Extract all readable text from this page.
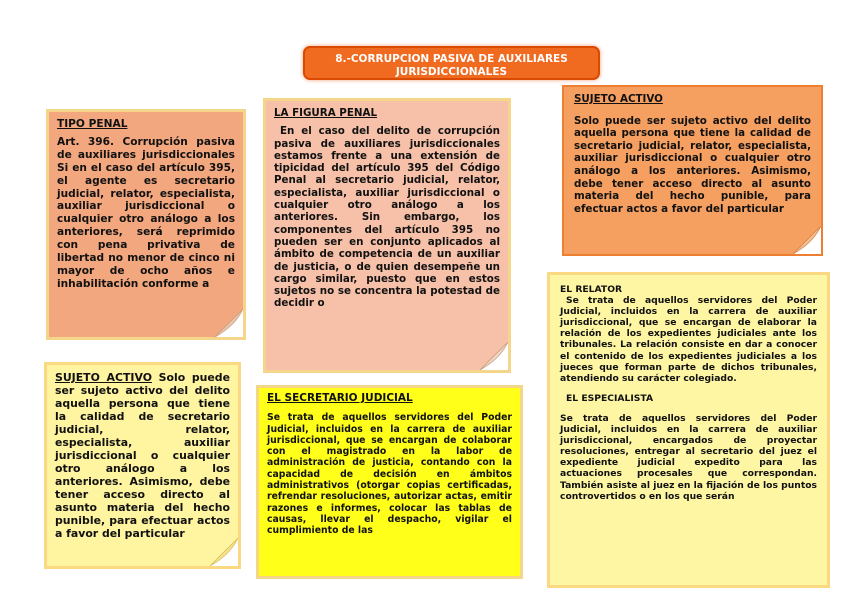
8.-CORRUPCION PASIVA DE AUXILIARES JURISDICCIONALES
TIPO PENAL

Art. 396. Corrupción pasiva de auxiliares jurisdiccionales Si en el caso del artículo 395, el agente es secretario judicial, relator, especialista, auxiliar jurisdiccional o cualquier otro análogo a los anteriores, será reprimido con pena privativa de libertad no menor de cinco ni mayor de ocho años e inhabilitación conforme a

LA FIGURA PENAL

En el caso del delito de corrupción pasiva de auxiliares jurisdiccionales estamos frente a una extensión de tipicidad del artículo 395 del Código Penal al secretario judicial, relator, especialista, auxiliar jurisdiccional o cualquier otro análogo a los anteriores. Sin embargo, los componentes del artículo 395 no pueden ser en conjunto aplicados al ámbito de competencia de un auxiliar de justicia, o de quien desempeñe un cargo similar, puesto que en estos sujetos no se concentra la potestad de decidir o

SUJETO ACTIVO

Solo puede ser sujeto activo del delito aquella persona que tiene la calidad de secretario judicial, relator, especialista, auxiliar jurisdiccional o cualquier otro análogo a los anteriores. Asimismo, debe tener acceso directo al asunto materia del hecho punible, para efectuar actos a favor del particular

SUJETO ACTIVO Solo puede ser sujeto activo del delito aquella persona que tiene la calidad de secretario judicial, relator, especialista, auxiliar jurisdiccional o cualquier otro análogo a los anteriores. Asimismo, debe tener acceso directo al asunto materia del hecho punible, para efectuar actos a favor del particular

EL SECRETARIO JUDICIAL

Se trata de aquellos servidores del Poder Judicial, incluidos en la carrera de auxiliar jurisdiccional, que se encargan de colaborar con el magistrado en la labor de administración de justicia, contando con la capacidad de decisión en ámbitos administrativos (otorgar copias certificadas, refrendar resoluciones, autorizar actas, emitir razones e informes, colocar las tablas de causas, llevar el despacho, vigilar el cumplimiento de las

EL RELATOR

Se trata de aquellos servidores del Poder Judicial, incluidos en la carrera de auxiliar jurisdiccional, que se encargan de elaborar la relación de los expedientes judiciales ante los tribunales. La relación consiste en dar a conocer el contenido de los expedientes judiciales a los jueces que forman parte de dichos tribunales, atendiendo su carácter colegiado.

EL ESPECIALISTA

Se trata de aquellos servidores del Poder Judicial, incluidos en la carrera de auxiliar jurisdiccional, encargados de proyectar resoluciones, entregar al secretario del juez el expediente judicial expedito para las actuaciones procesales que correspondan. También asiste al juez en la fijación de los puntos controvertidos o en los que serán
